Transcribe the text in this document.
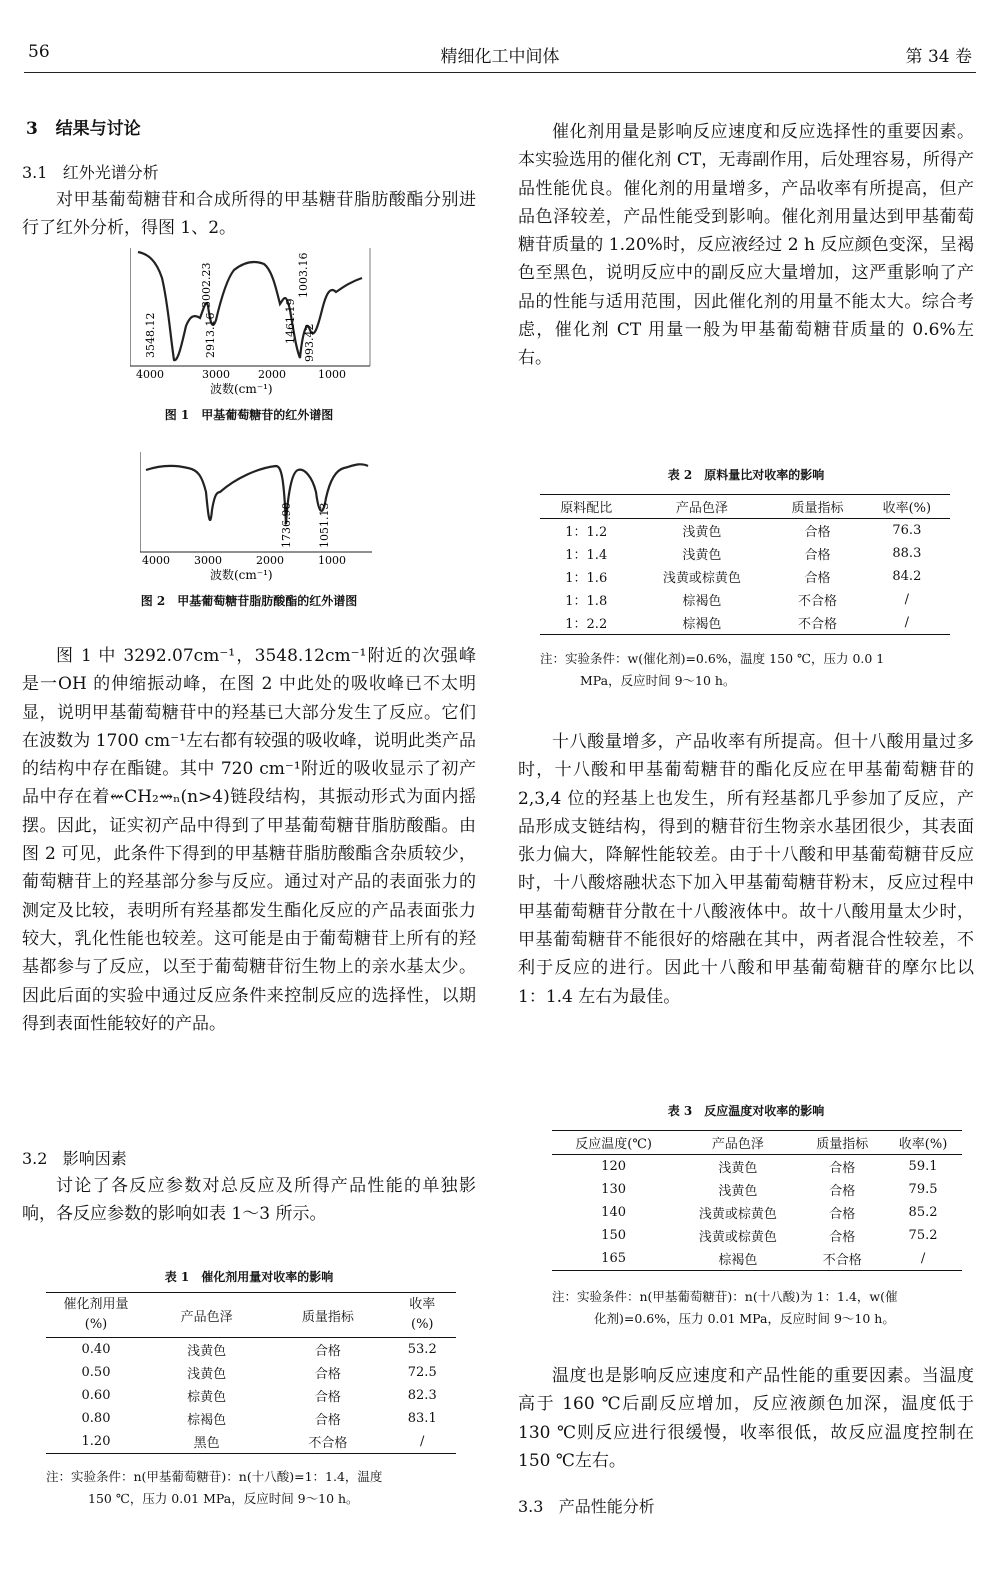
56	精细化工中间体	第 34 卷
3 结果与讨论
3.1 红外光谱分析

对甲基葡萄糖苷和合成所得的甲基糖苷脂肪酸酯分别进行了红外分析，得图 1、2。

3548.12
3002.23
2913.16	1461.19
1003.16
993.42
4000	3000	2000	1000
波数(cm⁻¹)
图 1　甲基葡萄糖苷的红外谱图
1736.90 1051.13
4000 3000	2000	1000
波数(cm⁻¹)
图 2　甲基葡萄糖苷脂肪酸酯的红外谱图

图 1 中 3292.07cm⁻¹，3548.12cm⁻¹附近的次强峰是一OH 的伸缩振动峰，在图 2 中此处的吸收峰已不太明显，说明甲基葡萄糖苷中的羟基已大部分发生了反应。它们在波数为 1700 cm⁻¹左右都有较强的吸收峰，说明此类产品的结构中存在酯键。其中 720 cm⁻¹附近的吸收显示了初产品中存在着⇜CH₂⇝ₙ(n>4)链段结构，其振动形式为面内摇摆。因此，证实初产品中得到了甲基葡萄糖苷脂肪酸酯。由图 2 可见，此条件下得到的甲基糖苷脂肪酸酯含杂质较少，葡萄糖苷上的羟基部分参与反应。通过对产品的表面张力的测定及比较，表明所有羟基都发生酯化反应的产品表面张力较大，乳化性能也较差。这可能是由于葡萄糖苷上所有的羟基都参与了反应，以至于葡萄糖苷衍生物上的亲水基太少。因此后面的实验中通过反应条件来控制反应的选择性，以期得到表面性能较好的产品。

3.2 影响因素

讨论了各反应参数对总反应及所得产品性能的单独影响，各反应参数的影响如表 1～3 所示。

表 1　催化剂用量对收率的影响
催化剂用量
(%)	产品色泽	质量指标	收率
(%)
0.40	浅黄色	合格	53.2
0.50	浅黄色	合格	72.5
0.60	棕黄色	合格	82.3
0.80	棕褐色	合格	83.1
1.20	黑色	不合格	/
注：实验条件：n(甲基葡萄糖苷)：n(十八酸)=1：1.4，温度
150 ℃，压力 0.01 MPa，反应时间 9～10 h。

催化剂用量是影响反应速度和反应选择性的重要因素。本实验选用的催化剂 CT，无毒副作用，后处理容易，所得产品性能优良。催化剂的用量增多，产品收率有所提高，但产品色泽较差，产品性能受到影响。催化剂用量达到甲基葡萄糖苷质量的 1.20%时，反应液经过 2 h 反应颜色变深，呈褐色至黑色，说明反应中的副反应大量增加，这严重影响了产品的性能与适用范围，因此催化剂的用量不能太大。综合考虑，催化剂 CT 用量一般为甲基葡萄糖苷质量的 0.6%左右。

表 2　原料量比对收率的影响
原料配比	产品色泽	质量指标	收率(%)
1：1.2	浅黄色	合格	76.3
1：1.4	浅黄色	合格	88.3
1：1.6	浅黄或棕黄色	合格	84.2
1：1.8	棕褐色	不合格	/
1：2.2	棕褐色	不合格	/
注：实验条件：w(催化剂)=0.6%，温度 150 ℃，压力 0.0 1
MPa，反应时间 9～10 h。

十八酸量增多，产品收率有所提高。但十八酸用量过多时，十八酸和甲基葡萄糖苷的酯化反应在甲基葡萄糖苷的 2,3,4 位的羟基上也发生，所有羟基都几乎参加了反应，产品形成支链结构，得到的糖苷衍生物亲水基团很少，其表面张力偏大，降解性能较差。由于十八酸和甲基葡萄糖苷反应时，十八酸熔融状态下加入甲基葡萄糖苷粉末，反应过程中甲基葡萄糖苷分散在十八酸液体中。故十八酸用量太少时，甲基葡萄糖苷不能很好的熔融在其中，两者混合性较差，不利于反应的进行。因此十八酸和甲基葡萄糖苷的摩尔比以 1：1.4 左右为最佳。

表 3　反应温度对收率的影响
反应温度(℃)	产品色泽	质量指标	收率(%)
120	浅黄色	合格	59.1
130	浅黄色	合格	79.5
140	浅黄或棕黄色	合格	85.2
150	浅黄或棕黄色	合格	75.2
165	棕褐色	不合格	/
注：实验条件：n(甲基葡萄糖苷)：n(十八酸)为 1：1.4，w(催
化剂)=0.6%，压力 0.01 MPa，反应时间 9～10 h。

温度也是影响反应速度和产品性能的重要因素。当温度高于 160 ℃后副反应增加，反应液颜色加深，温度低于 130 ℃则反应进行很缓慢，收率很低，故反应温度控制在 150 ℃左右。

3.3 产品性能分析
